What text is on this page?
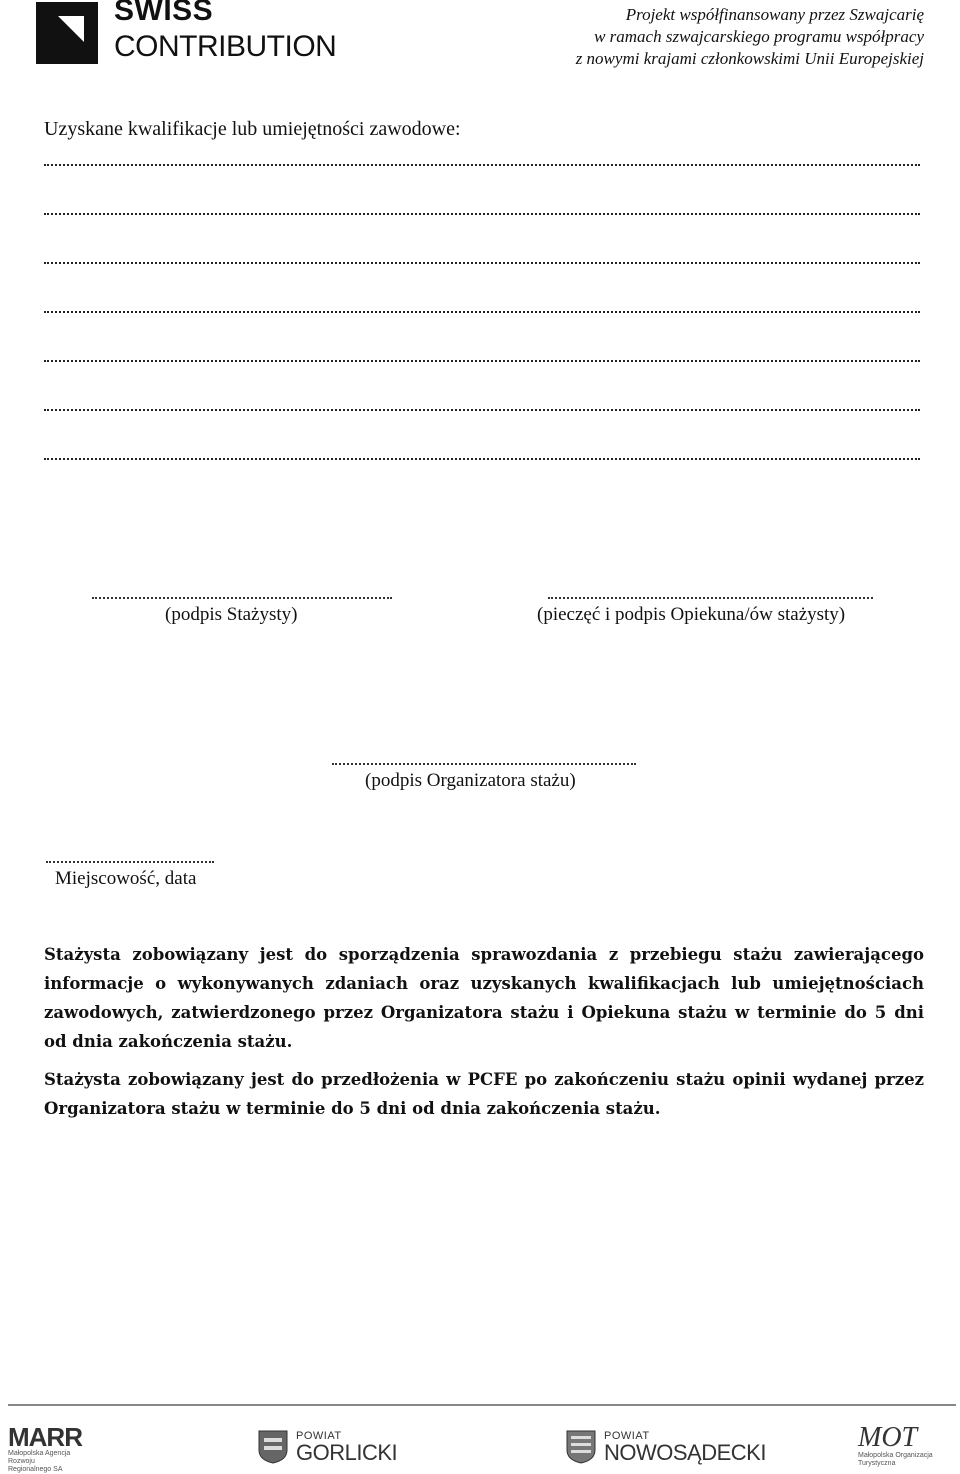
SWISS
CONTRIBUTION
Projekt współfinansowany przez Szwajcarię
w ramach szwajcarskiego programu współpracy
z nowymi krajami członkowskimi Unii Europejskiej
Uzyskane kwalifikacje lub umiejętności zawodowe:
(podpis Stażysty)	(pieczęć i podpis Opiekuna/ów stażysty)
(podpis Organizatora stażu)
Miejscowość, data

Stażysta zobowiązany jest do sporządzenia sprawozdania z przebiegu stażu zawierającego informacje o wykonywanych zdaniach oraz uzyskanych kwalifikacjach lub umiejętnościach zawodowych, zatwierdzonego przez Organizatora stażu i Opiekuna stażu w terminie do 5 dni od dnia zakończenia stażu.

Stażysta zobowiązany jest do przedłożenia w PCFE po zakończeniu stażu opinii wydanej przez Organizatora stażu w terminie do 5 dni od dnia zakończenia stażu.

MARR
Małopolska Agencja
Rozwoju Regionalnego SA
POWIAT
GORLICKI
POWIAT
NOWOSĄDECKI	MOT
Małopolska Organizacja Turystyczna
